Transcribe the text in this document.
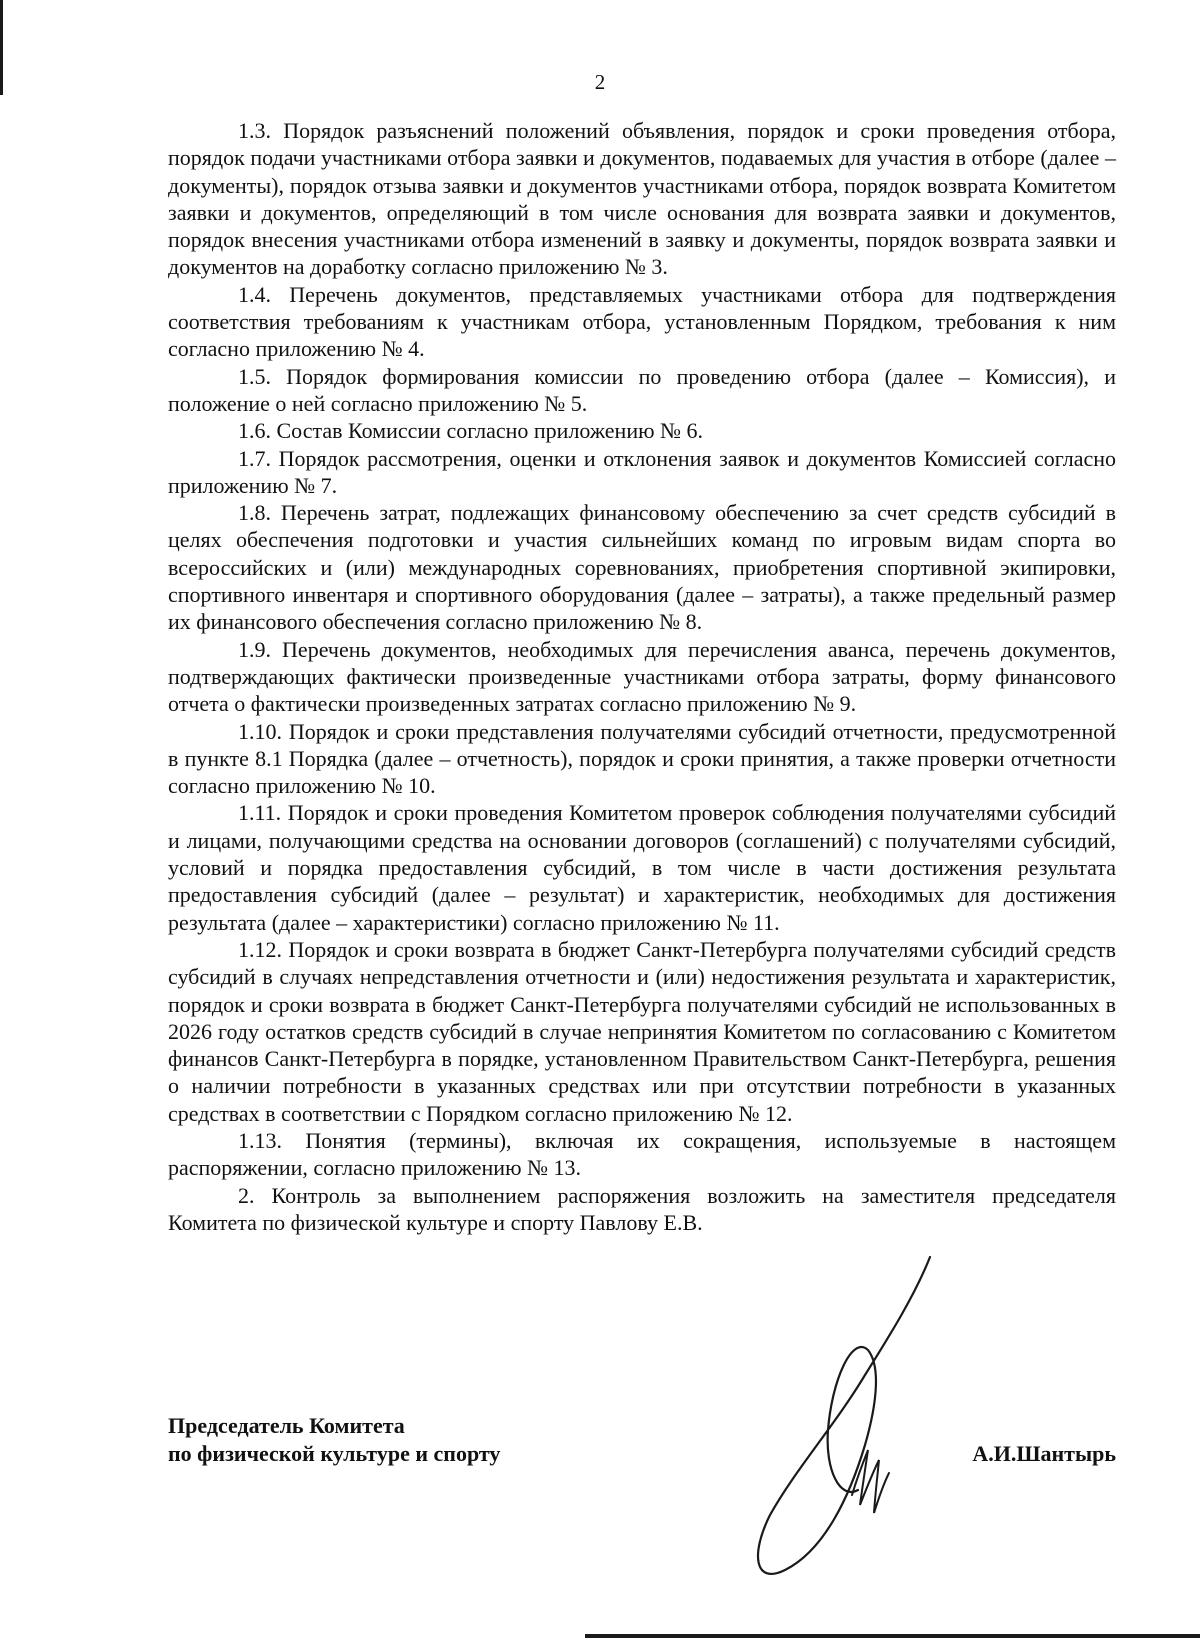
2

1.3. Порядок разъяснений положений объявления, порядок и сроки проведения отбора, порядок подачи участниками отбора заявки и документов, подаваемых для участия в отборе (далее – документы), порядок отзыва заявки и документов участниками отбора, порядок возврата Комитетом заявки и документов, определяющий в том числе основания для возврата заявки и документов, порядок внесения участниками отбора изменений в заявку и документы, порядок возврата заявки и документов на доработку согласно приложению № 3.

1.4. Перечень документов, представляемых участниками отбора для подтверждения соответствия требованиям к участникам отбора, установленным Порядком, требования к ним согласно приложению № 4.

1.5. Порядок формирования комиссии по проведению отбора (далее – Комиссия), и положение о ней согласно приложению № 5.

1.6. Состав Комиссии согласно приложению № 6.

1.7. Порядок рассмотрения, оценки и отклонения заявок и документов Комиссией согласно приложению № 7.

1.8. Перечень затрат, подлежащих финансовому обеспечению за счет средств субсидий в целях обеспечения подготовки и участия сильнейших команд по игровым видам спорта во всероссийских и (или) международных соревнованиях, приобретения спортивной экипировки, спортивного инвентаря и спортивного оборудования (далее – затраты), а также предельный размер их финансового обеспечения согласно приложению № 8.

1.9. Перечень документов, необходимых для перечисления аванса, перечень документов, подтверждающих фактически произведенные участниками отбора затраты, форму финансового отчета о фактически произведенных затратах согласно приложению № 9.

1.10. Порядок и сроки представления получателями субсидий отчетности, предусмотренной в пункте 8.1 Порядка (далее – отчетность), порядок и сроки принятия, а также проверки отчетности согласно приложению № 10.

1.11. Порядок и сроки проведения Комитетом проверок соблюдения получателями субсидий и лицами, получающими средства на основании договоров (соглашений) с получателями субсидий, условий и порядка предоставления субсидий, в том числе в части достижения результата предоставления субсидий (далее – результат) и характеристик, необходимых для достижения результата (далее – характеристики) согласно приложению № 11.

1.12. Порядок и сроки возврата в бюджет Санкт-Петербурга получателями субсидий средств субсидий в случаях непредставления отчетности и (или) недостижения результата и характеристик, порядок и сроки возврата в бюджет Санкт-Петербурга получателями субсидий не использованных в 2026 году остатков средств субсидий в случае непринятия Комитетом по согласованию с Комитетом финансов Санкт-Петербурга в порядке, установленном Правительством Санкт-Петербурга, решения о наличии потребности в указанных средствах или при отсутствии потребности в указанных средствах в соответствии с Порядком согласно приложению № 12.

1.13. Понятия (термины), включая их сокращения, используемые в настоящем распоряжении, согласно приложению № 13.

2. Контроль за выполнением распоряжения возложить на заместителя председателя Комитета по физической культуре и спорту Павлову Е.В.

Председатель Комитета
по физической культуре и спорту	А.И.Шантырь
